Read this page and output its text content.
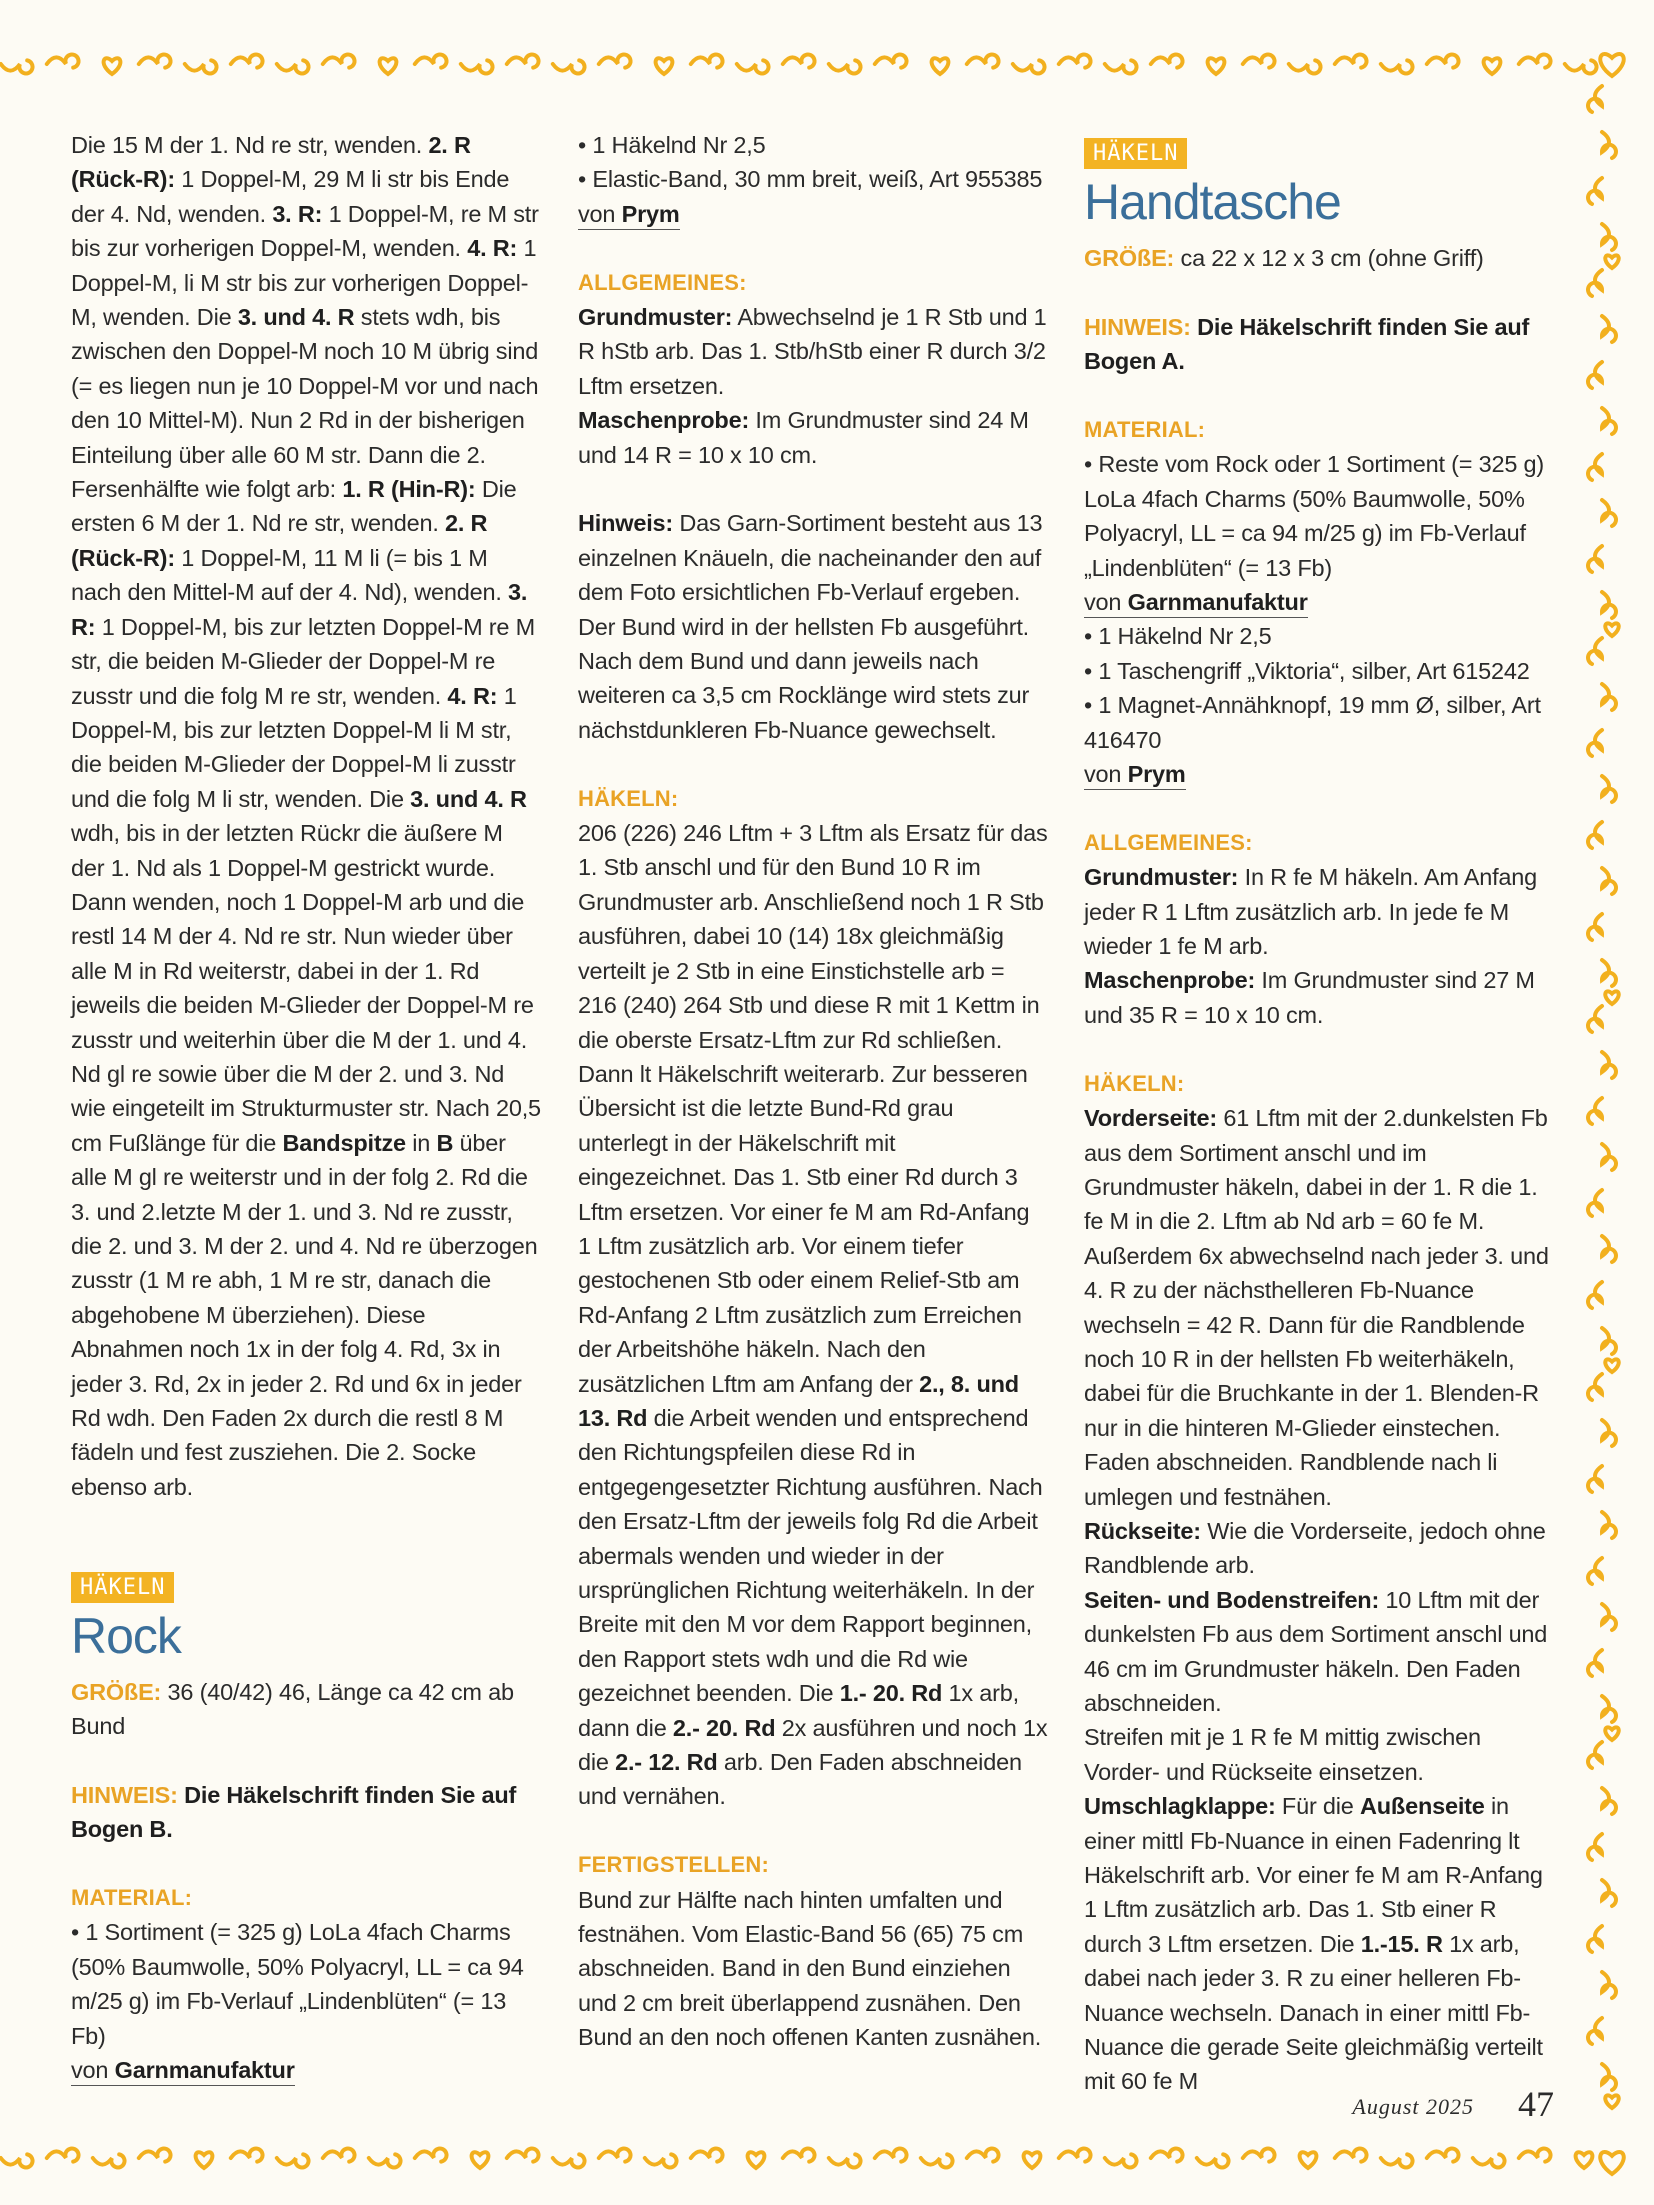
Die 15 M der 1. Nd re str, wenden. 2. R (Rück-R): 1 Doppel-M, 29 M li str bis Ende der 4. Nd, wenden. 3. R: 1 Doppel-M, re M str bis zur vorherigen Doppel-M, wenden. 4. R: 1 Doppel-M, li M str bis zur vorherigen Doppel-M, wenden. Die 3. und 4. R stets wdh, bis zwischen den Doppel-M noch 10 M übrig sind (= es liegen nun je 10 Doppel-M vor und nach den 10 Mittel-M). Nun 2 Rd in der bisherigen Einteilung über alle 60 M str. Dann die 2. Fersenhälfte wie folgt arb: 1. R (Hin-R): Die ersten 6 M der 1. Nd re str, wenden. 2. R (Rück-R): 1 Doppel-M, 11 M li (= bis 1 M nach den Mittel-M auf der 4. Nd), wenden. 3. R: 1 Doppel-M, bis zur letzten Doppel-M re M str, die beiden M-Glieder der Doppel-M re zusstr und die folg M re str, wenden. 4. R: 1 Doppel-M, bis zur letzten Doppel-M li M str, die beiden M-Glieder der Doppel-M li zusstr und die folg M li str, wenden. Die 3. und 4. R wdh, bis in der letzten Rückr die äußere M der 1. Nd als 1 Doppel-M gestrickt wurde. Dann wenden, noch 1 Doppel-M arb und die restl 14 M der 4. Nd re str. Nun wieder über alle M in Rd weiterstr, dabei in der 1. Rd jeweils die beiden M-Glieder der Doppel-M re zusstr und weiterhin über die M der 1. und 4. Nd gl re sowie über die M der 2. und 3. Nd wie eingeteilt im Strukturmuster str. Nach 20,5 cm Fußlänge für die Bandspitze in B über alle M gl re weiterstr und in der folg 2. Rd die 3. und 2.letzte M der 1. und 3. Nd re zusstr, die 2. und 3. M der 2. und 4. Nd re überzogen zusstr (1 M re abh, 1 M re str, danach die abgehobene M überziehen). Diese Abnahmen noch 1x in der folg 4. Rd, 3x in jeder 3. Rd, 2x in jeder 2. Rd und 6x in jeder Rd wdh. Den Faden 2x durch die restl 8 M fädeln und fest zusziehen. Die 2. Socke ebenso arb.

HÄKELN
Rock

GRÖßE: 36 (40/42) 46, Länge ca 42 cm ab Bund

HINWEIS: Die Häkelschrift finden Sie auf Bogen B.

MATERIAL:

• 1 Sortiment (= 325 g) LoLa 4fach Charms (50% Baumwolle, 50% Polyacryl, LL = ca 94 m/25 g) im Fb-Verlauf „Lindenblüten“ (= 13 Fb)

von Garnmanufaktur

• 1 Häkelnd Nr 2,5

• Elastic-Band, 30 mm breit, weiß, Art 955385

von Prym

ALLGEMEINES:

Grundmuster: Abwechselnd je 1 R Stb und 1 R hStb arb. Das 1. Stb/hStb einer R durch 3/2 Lftm ersetzen.
Maschenprobe: Im Grundmuster sind 24 M und 14 R = 10 x 10 cm.

Hinweis: Das Garn-Sortiment besteht aus 13 einzelnen Knäueln, die nacheinander den auf dem Foto ersichtlichen Fb-Verlauf ergeben. Der Bund wird in der hellsten Fb ausgeführt. Nach dem Bund und dann jeweils nach weiteren ca 3,5 cm Rocklänge wird stets zur nächstdunkleren Fb-Nuance gewechselt.

HÄKELN:

206 (226) 246 Lftm + 3 Lftm als Ersatz für das 1. Stb anschl und für den Bund 10 R im Grundmuster arb. Anschließend noch 1 R Stb ausführen, dabei 10 (14) 18x gleichmäßig verteilt je 2 Stb in eine Einstichstelle arb = 216 (240) 264 Stb und diese R mit 1 Kettm in die oberste Ersatz-Lftm zur Rd schließen. Dann lt Häkelschrift weiterarb. Zur besseren Übersicht ist die letzte Bund-Rd grau unterlegt in der Häkelschrift mit eingezeichnet. Das 1. Stb einer Rd durch 3 Lftm ersetzen. Vor einer fe M am Rd-Anfang 1 Lftm zusätzlich arb. Vor einem tiefer gestochenen Stb oder einem Relief-Stb am Rd-Anfang 2 Lftm zusätzlich zum Erreichen der Arbeitshöhe häkeln. Nach den zusätzlichen Lftm am Anfang der 2., 8. und 13. Rd die Arbeit wenden und entsprechend den Richtungspfeilen diese Rd in entgegengesetzter Richtung ausführen. Nach den Ersatz-Lftm der jeweils folg Rd die Arbeit abermals wenden und wieder in der ursprünglichen Richtung weiterhäkeln. In der Breite mit den M vor dem Rapport beginnen, den Rapport stets wdh und die Rd wie gezeichnet beenden. Die 1.- 20. Rd 1x arb, dann die 2.- 20. Rd 2x ausführen und noch 1x die 2.- 12. Rd arb. Den Faden abschneiden und vernähen.

FERTIGSTELLEN:

Bund zur Hälfte nach hinten umfalten und festnähen. Vom Elastic-Band 56 (65) 75 cm abschneiden. Band in den Bund einziehen und 2 cm breit überlappend zusnähen. Den Bund an den noch offenen Kanten zusnähen.

HÄKELN
Handtasche

GRÖßE: ca 22 x 12 x 3 cm (ohne Griff)

HINWEIS: Die Häkelschrift finden Sie auf Bogen A.

MATERIAL:

• Reste vom Rock oder 1 Sortiment (= 325 g) LoLa 4fach Charms (50% Baumwolle, 50% Polyacryl, LL = ca 94 m/25 g) im Fb-Verlauf „Lindenblüten“ (= 13 Fb)

von Garnmanufaktur

• 1 Häkelnd Nr 2,5

• 1 Taschengriff „Viktoria“, silber, Art 615242

• 1 Magnet-Annähknopf, 19 mm Ø, silber, Art 416470

von Prym

ALLGEMEINES:

Grundmuster: In R fe M häkeln. Am Anfang jeder R 1 Lftm zusätzlich arb. In jede fe M wieder 1 fe M arb.
Maschenprobe: Im Grundmuster sind 27 M und 35 R = 10 x 10 cm.

HÄKELN:

Vorderseite: 61 Lftm mit der 2.dunkelsten Fb aus dem Sortiment anschl und im Grundmuster häkeln, dabei in der 1. R die 1. fe M in die 2. Lftm ab Nd arb = 60 fe M. Außerdem 6x abwechselnd nach jeder 3. und 4. R zu der nächsthelleren Fb-Nuance wechseln = 42 R. Dann für die Randblende noch 10 R in der hellsten Fb weiterhäkeln, dabei für die Bruchkante in der 1. Blenden-R nur in die hinteren M-Glieder einstechen. Faden abschneiden. Randblende nach li umlegen und festnähen.
Rückseite: Wie die Vorderseite, jedoch ohne Randblende arb.
Seiten- und Bodenstreifen: 10 Lftm mit der dunkelsten Fb aus dem Sortiment anschl und 46 cm im Grundmuster häkeln. Den Faden abschneiden.
Streifen mit je 1 R fe M mittig zwischen Vorder- und Rückseite einsetzen.
Umschlagklappe: Für die Außenseite in einer mittl Fb-Nuance in einen Fadenring lt Häkelschrift arb. Vor einer fe M am R-Anfang 1 Lftm zusätzlich arb. Das 1. Stb einer R durch 3 Lftm ersetzen. Die 1.-15. R 1x arb, dabei nach jeder 3. R zu einer helleren Fb-Nuance wechseln. Danach in einer mittl Fb-Nuance die gerade Seite gleichmäßig verteilt mit 60 fe M

August 2025 47
